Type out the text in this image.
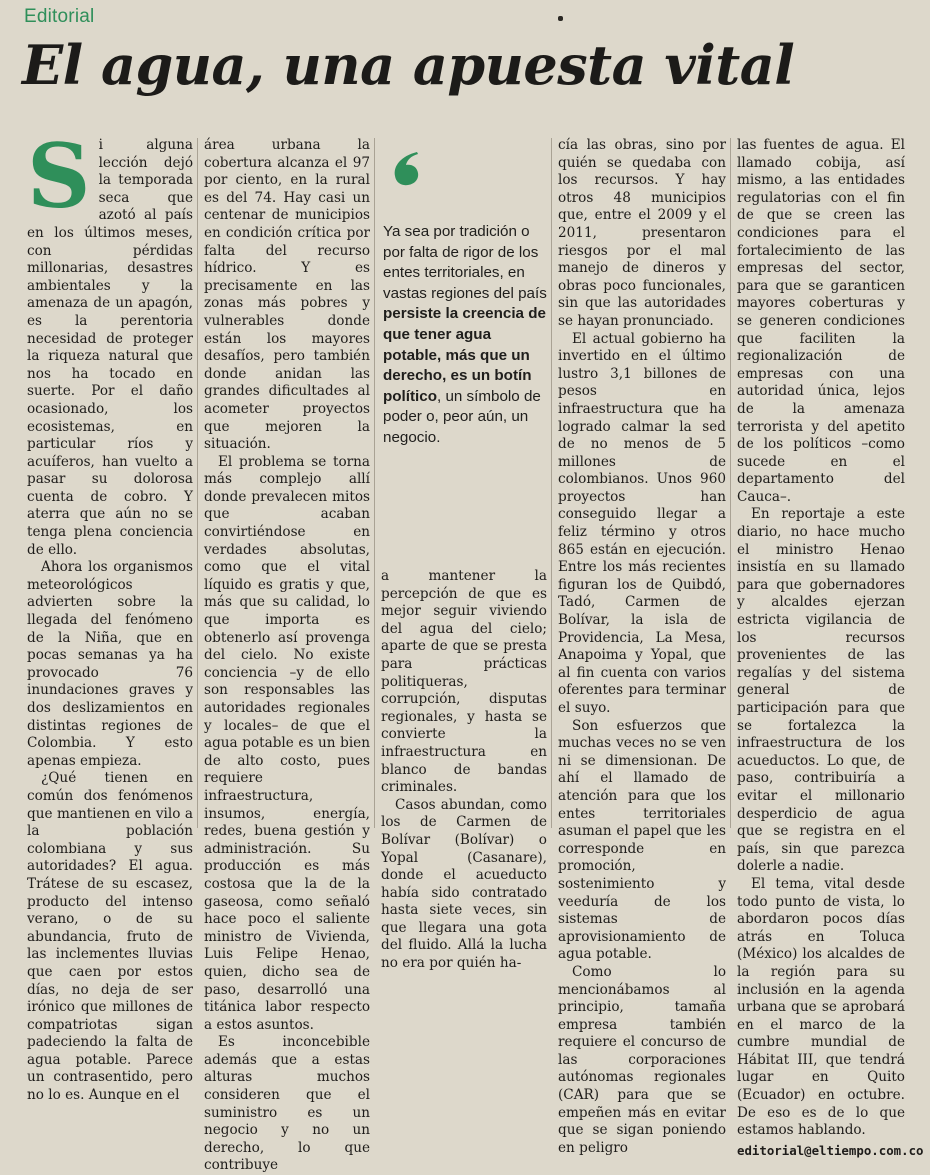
Editorial
El agua, una apuesta vital

Si alguna lección dejó la temporada seca que azotó al país en los últimos meses, con pérdidas millonarias, desastres ambientales y la amenaza de un apagón, es la perentoria necesidad de proteger la riqueza natural que nos ha tocado en suerte. Por el daño ocasionado, los ecosistemas, en particular ríos y acuíferos, han vuelto a pasar su dolorosa cuenta de cobro. Y aterra que aún no se tenga plena conciencia de ello.

Ahora los organismos meteorológicos advierten sobre la llegada del fenómeno de la Niña, que en pocas semanas ya ha provocado 76 inundaciones graves y dos deslizamientos en distintas regiones de Colombia. Y esto apenas empieza.

¿Qué tienen en común dos fenómenos que mantienen en vilo a la población colombiana y sus autoridades? El agua. Trátese de su escasez, producto del intenso verano, o de su abundancia, fruto de las inclementes lluvias que caen por estos días, no deja de ser irónico que millones de compatriotas sigan padeciendo la falta de agua potable. Parece un contrasentido, pero no lo es. Aunque en el

área urbana la cobertura alcanza el 97 por ciento, en la rural es del 74. Hay casi un centenar de municipios en condición crítica por falta del recurso hídrico. Y es precisamente en las zonas más pobres y vulnerables donde están los mayores desafíos, pero también donde anidan las grandes dificultades al acometer proyectos que mejoren la situación.

El problema se torna más complejo allí donde prevalecen mitos que acaban convirtiéndose en verdades absolutas, como que el vital líquido es gratis y que, más que su calidad, lo que importa es obtenerlo así provenga del cielo. No existe conciencia –y de ello son responsables las autoridades regionales y locales– de que el agua potable es un bien de alto costo, pues requiere infraestructura, insumos, energía, redes, buena gestión y administración. Su producción es más costosa que la de la gaseosa, como señaló hace poco el saliente ministro de Vivienda, Luis Felipe Henao, quien, dicho sea de paso, desarrolló una titánica labor respecto a estos asuntos.

Es inconcebible además que a estas alturas muchos consideren que el suministro es un negocio y no un derecho, lo que contribuye

Ya sea por tradición o por falta de rigor de los entes territoriales, en vastas regiones del país persiste la creencia de que tener agua potable, más que un derecho, es un botín político, un símbolo de poder o, peor aún, un negocio.

a mantener la percepción de que es mejor seguir viviendo del agua del cielo; aparte de que se presta para prácticas politiqueras, corrupción, disputas regionales, y hasta se convierte la infraestructura en blanco de bandas criminales.

Casos abundan, como los de Carmen de Bolívar (Bolívar) o Yopal (Casanare), donde el acueducto había sido contratado hasta siete veces, sin que llegara una gota del fluido. Allá la lucha no era por quién ha-

cía las obras, sino por quién se quedaba con los recursos. Y hay otros 48 municipios que, entre el 2009 y el 2011, presentaron riesgos por el mal manejo de dineros y obras poco funcionales, sin que las autoridades se hayan pronunciado.

El actual gobierno ha invertido en el último lustro 3,1 billones de pesos en infraestructura que ha logrado calmar la sed de no menos de 5 millones de colombianos. Unos 960 proyectos han conseguido llegar a feliz término y otros 865 están en ejecución. Entre los más recientes figuran los de Quibdó, Tadó, Carmen de Bolívar, la isla de Providencia, La Mesa, Anapoima y Yopal, que al fin cuenta con varios oferentes para terminar el suyo.

Son esfuerzos que muchas veces no se ven ni se dimensionan. De ahí el llamado de atención para que los entes territoriales asuman el papel que les corresponde en promoción, sostenimiento y veeduría de los sistemas de aprovisionamiento de agua potable.

Como lo mencionábamos al principio, tamaña empresa también requiere el concurso de las corporaciones autónomas regionales (CAR) para que se empeñen más en evitar que se sigan poniendo en peligro

las fuentes de agua. El llamado cobija, así mismo, a las entidades regulatorias con el fin de que se creen las condiciones para el fortalecimiento de las empresas del sector, para que se garanticen mayores coberturas y se generen condiciones que faciliten la regionalización de empresas con una autoridad única, lejos de la amenaza terrorista y del apetito de los políticos –como sucede en el departamento del Cauca–.

En reportaje a este diario, no hace mucho el ministro Henao insistía en su llamado para que gobernadores y alcaldes ejerzan estricta vigilancia de los recursos provenientes de las regalías y del sistema general de participación para que se fortalezca la infraestructura de los acueductos. Lo que, de paso, contribuiría a evitar el millonario desperdicio de agua que se registra en el país, sin que parezca dolerle a nadie.

El tema, vital desde todo punto de vista, lo abordaron pocos días atrás en Toluca (México) los alcaldes de la región para su inclusión en la agenda urbana que se aprobará en el marco de la cumbre mundial de Hábitat III, que tendrá lugar en Quito (Ecuador) en octubre. De eso es de lo que estamos hablando.

editorial@eltiempo.com.co
